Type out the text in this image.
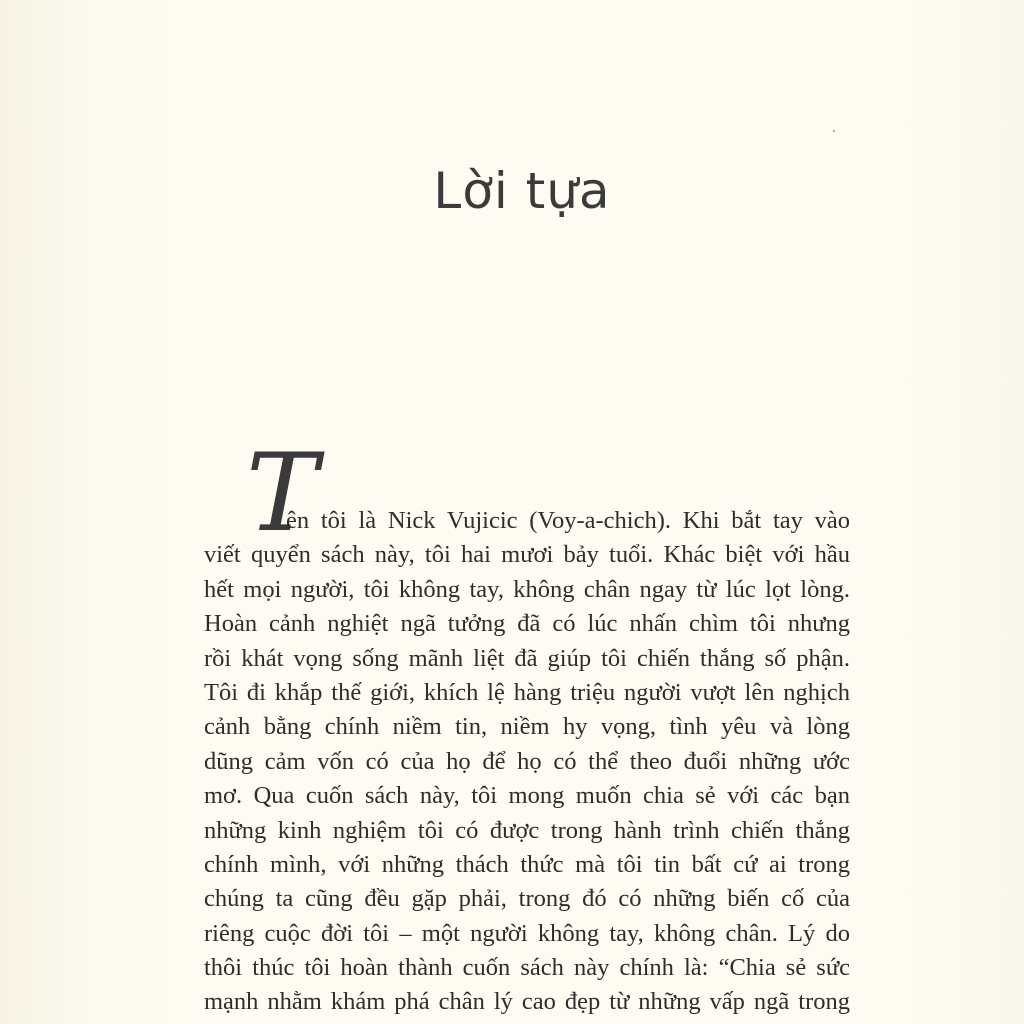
Lời tựa
T
ên tôi là Nick Vujicic (Voy-a-chich). Khi bắt tay vào
viết quyển sách này, tôi hai mươi bảy tuổi. Khác biệt với hầu
hết mọi người, tôi không tay, không chân ngay từ lúc lọt lòng.
Hoàn cảnh nghiệt ngã tưởng đã có lúc nhấn chìm tôi nhưng
rồi khát vọng sống mãnh liệt đã giúp tôi chiến thắng số phận.
Tôi đi khắp thế giới, khích lệ hàng triệu người vượt lên nghịch
cảnh bằng chính niềm tin, niềm hy vọng, tình yêu và lòng
dũng cảm vốn có của họ để họ có thể theo đuổi những ước
mơ. Qua cuốn sách này, tôi mong muốn chia sẻ với các bạn
những kinh nghiệm tôi có được trong hành trình chiến thắng
chính mình, với những thách thức mà tôi tin bất cứ ai trong
chúng ta cũng đều gặp phải, trong đó có những biến cố của
riêng cuộc đời tôi – một người không tay, không chân. Lý do
thôi thúc tôi hoàn thành cuốn sách này chính là: “Chia sẻ sức
mạnh nhằm khám phá chân lý cao đẹp từ những vấp ngã trong
